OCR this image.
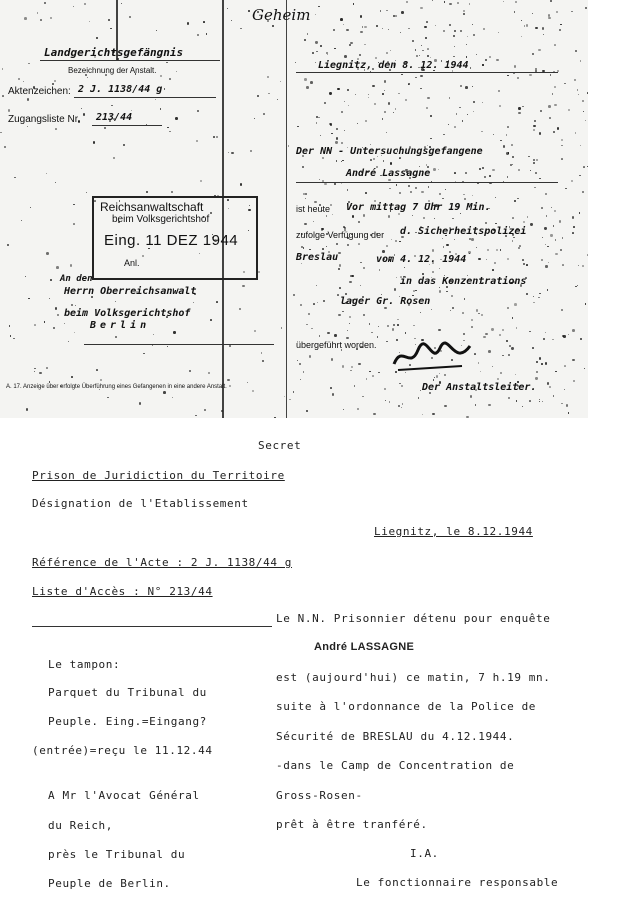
Geheim
Landgerichtsgefängnis
Bezeichnung der Anstalt.
Aktenzeichen: 2 J. 1138/44 g
Zugangsliste Nr. 213/44
Liegnitz, den 8. 12. 1944
Der NN - Untersuchungsgefangene
André Lassagne
ist heute Vor mittag 7 Uhr 19 Min.
zufolge Verfügung der d. Sicherheitspolizei
Breslau	vom 4. 12. 1944
in das Konzentrations
lager Gr. Rosen
übergeführt worden.
An den
Herrn Oberreichsanwalt
beim Volksgerichtshof
Berlin
Reichsanwaltschaft
beim Volksgerichtshof
Eing. 11 DEZ 1944
Anl.
Der Anstaltsleiter.
A. 17. Anzeige über erfolgte Überführung eines Gefangenen in eine andere Anstalt.
Secret
Prison de Juridiction du Territoire
Désignation de l'Etablissement
Liegnitz, le 8.12.1944
Référence de l'Acte : 2 J. 1138/44 g
Liste d'Accès : N° 213/44
Le N.N. Prisonnier détenu pour enquête
André LASSAGNE
Le tampon:
Parquet du Tribunal du
Peuple. Eing.=Eingang?
(entrée)=reçu le 11.12.44
A Mr l'Avocat Général
du Reich,
près le Tribunal du
Peuple de Berlin.
est (aujourd'hui) ce matin, 7 h.19 mn.
suite à l'ordonnance de la Police de
Sécurité de BRESLAU du 4.12.1944.
-dans le Camp de Concentration de
Gross-Rosen-
prêt à être tranféré.
I.A.
Le fonctionnaire responsable
